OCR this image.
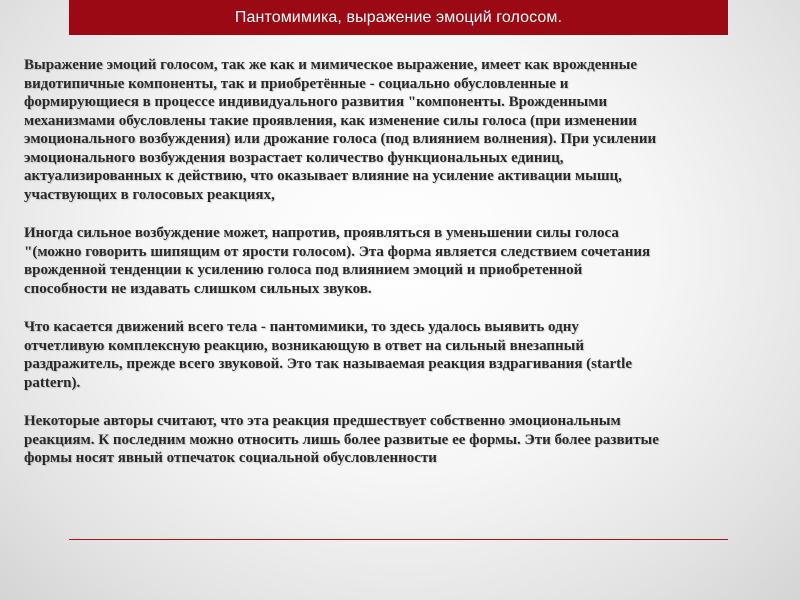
Пантомимика, выражение эмоций голосом.

Выражение эмоций голосом, так же как и мимическое выражение, имеет как врожденные
видотипичные компоненты, так и приобретённые - социально обусловленные и
формирующиеся в процессе индивидуального развития "компоненты. Врожденными
механизмами обусловлены такие проявления, как изменение силы голоса (при изменении
эмоционального возбуждения) или дрожание голоса (под влиянием волнения). При усилении
эмоционального возбуждения возрастает количество функциональных единиц,
актуализированных к действию, что оказывает влияние на усиление активации мышц,
участвующих в голосовых реакциях,

Иногда сильное возбуждение может, напротив, проявляться в уменьшении силы голоса
"(можно говорить шипящим от ярости голосом). Эта форма является следствием сочетания
врожденной тенденции к усилению голоса под влиянием эмоций и приобретенной
способности не издавать слишком сильных звуков.

Что касается движений всего тела - пантомимики, то здесь удалось выявить одну
отчетливую комплексную реакцию, возникающую в ответ на сильный внезапный
раздражитель, прежде всего звуковой. Это так называемая реакция вздрагивания (startle
pattern).

Некоторые авторы считают, что эта реакция предшествует собственно эмоциональным
реакциям. К последним можно относить лишь более развитые ее формы. Эти более развитые
формы носят явный отпечаток социальной обусловленности
